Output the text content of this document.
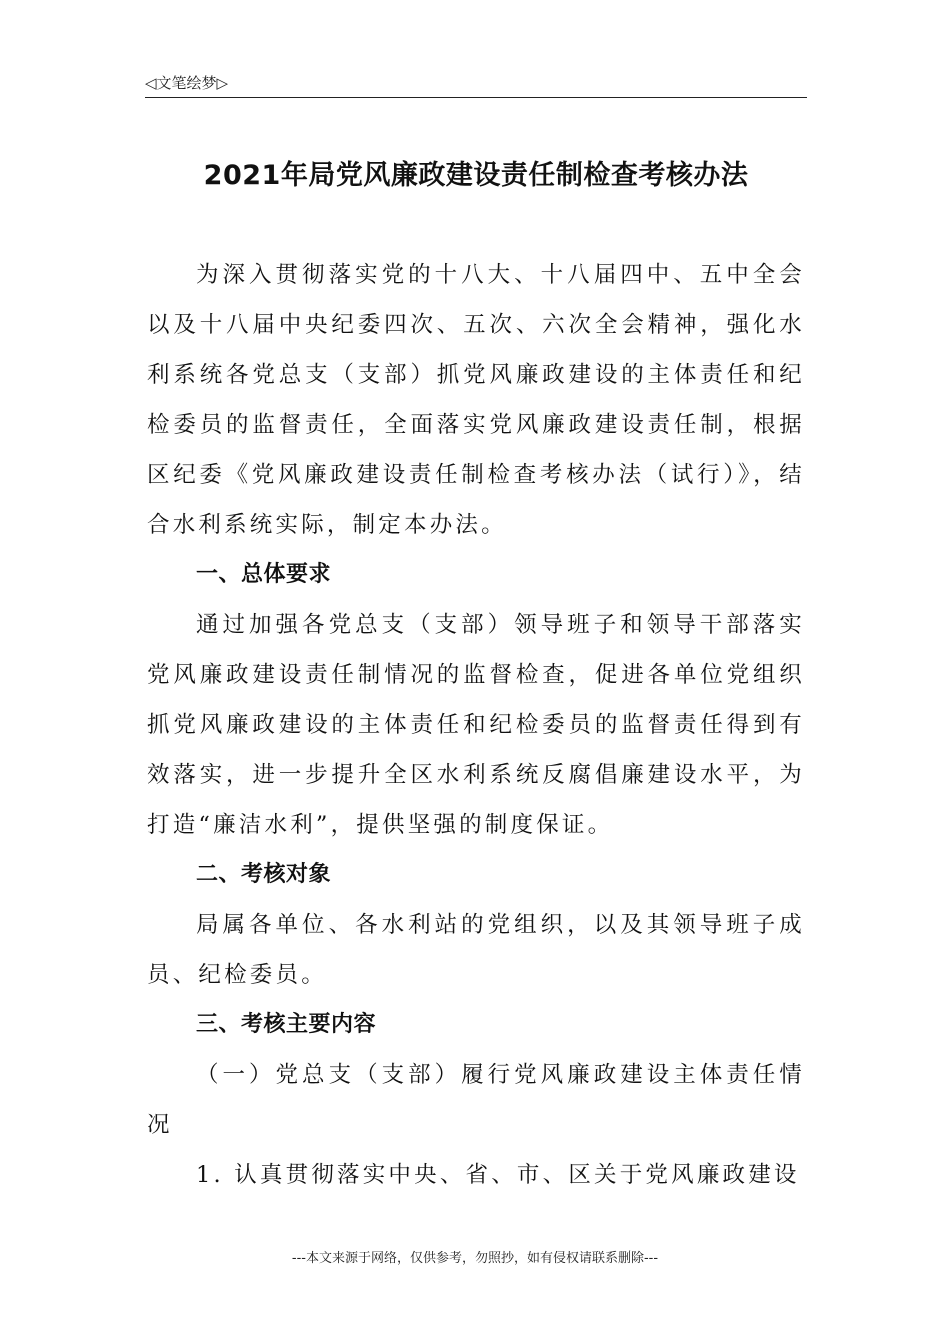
◁文笔绘梦▷
2021年局党风廉政建设责任制检查考核办法

为深入贯彻落实党的十八大、十八届四中、五中全会以及十八届中央纪委四次、五次、六次全会精神，强化水利系统各党总支（支部）抓党风廉政建设的主体责任和纪检委员的监督责任，全面落实党风廉政建设责任制，根据区纪委《党风廉政建设责任制检查考核办法（试行）》，结合水利系统实际，制定本办法。

一、总体要求

通过加强各党总支（支部）领导班子和领导干部落实党风廉政建设责任制情况的监督检查，促进各单位党组织抓党风廉政建设的主体责任和纪检委员的监督责任得到有效落实，进一步提升全区水利系统反腐倡廉建设水平，为打造“廉洁水利”，提供坚强的制度保证。

二、考核对象

局属各单位、各水利站的党组织，以及其领导班子成员、纪检委员。

三、考核主要内容

（一）党总支（支部）履行党风廉政建设主体责任情况

1. 认真贯彻落实中央、省、市、区关于党风廉政建设

---本文来源于网络，仅供参考，勿照抄，如有侵权请联系删除---
